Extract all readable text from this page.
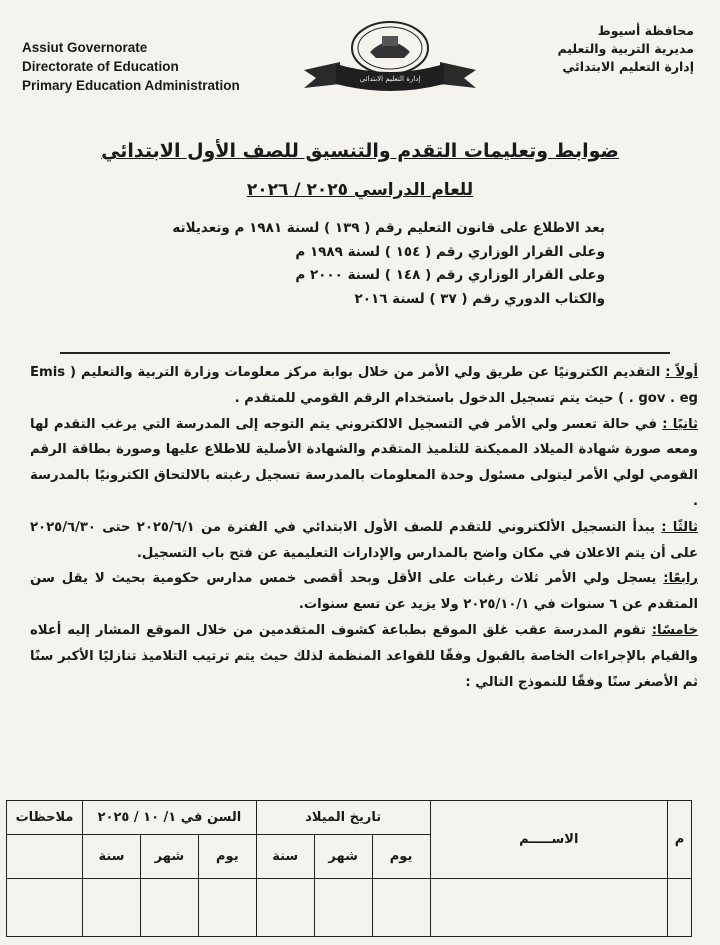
Assiut Governorate
Directorate of Education
Primary Education Administration
محافظة أسيوط
مديرية التربية والتعليم
إدارة التعليم الابتدائي
إدارة التعليم الابتدائي
ضوابط وتعليمات التقدم والتنسيق للصف الأول الابتدائي
للعام الدراسي ٢٠٢٥ / ٢٠٢٦
بعد الاطلاع على قانون التعليم رقم ( ١٣٩ ) لسنة ١٩٨١ م وتعديلاته
وعلى القرار الوزاري رقم ( ١٥٤ ) لسنة ١٩٨٩ م
وعلى القرار الوزاري رقم ( ١٤٨ ) لسنة ٢٠٠٠ م
والكتاب الدوري رقم ( ٣٧ ) لسنة ٢٠١٦

أولاً : التقديم الكترونيًا عن طريق ولي الأمر من خلال بوابة مركز معلومات وزارة التربية والتعليم ( Emis . gov . eg ) حيث يتم تسجيل الدخول باستخدام الرقم القومي للمتقدم .

ثانيًا : في حالة تعسر ولي الأمر في التسجيل الالكتروني يتم التوجه إلى المدرسة التي يرغب التقدم لها ومعه صورة شهادة الميلاد المميكنة للتلميذ المتقدم والشهادة الأصلية للاطلاع عليها وصورة بطاقة الرقم القومي لولي الأمر ليتولى مسئول وحدة المعلومات بالمدرسة تسجيل رغبته بالالتحاق الكترونيًا بالمدرسة .

ثالثًا : يبدأ التسجيل الألكتروني للتقدم للصف الأول الابتدائي في الفترة من ٢٠٢٥/٦/١ حتى ٢٠٢٥/٦/٣٠ على أن يتم الاعلان في مكان واضح بالمدارس والإدارات التعليمية عن فتح باب التسجيل.

رابعًا: يسجل ولي الأمر ثلاث رغبات على الأقل وبحد أقصى خمس مدارس حكومية بحيث لا يقل سن المتقدم عن ٦ سنوات في ٢٠٢٥/١٠/١ ولا يزيد عن تسع سنوات.

خامسًا: تقوم المدرسة عقب غلق الموقع بطباعة كشوف المتقدمين من خلال الموقع المشار إليه أعلاه والقيام بالإجراءات الخاصة بالقبول وفقًا للقواعد المنظمة لذلك حيث يتم ترتيب التلاميذ تنازليًا الأكبر سنًا ثم الأصغر سنًا وفقًا للنموذج التالي :

م	الاســـــم	تاريخ الميلاد			السن في ١/ ١٠ / ٢٠٢٥			ملاحظات
		يوم	شهر	سنة	يوم	شهر	سنة	
